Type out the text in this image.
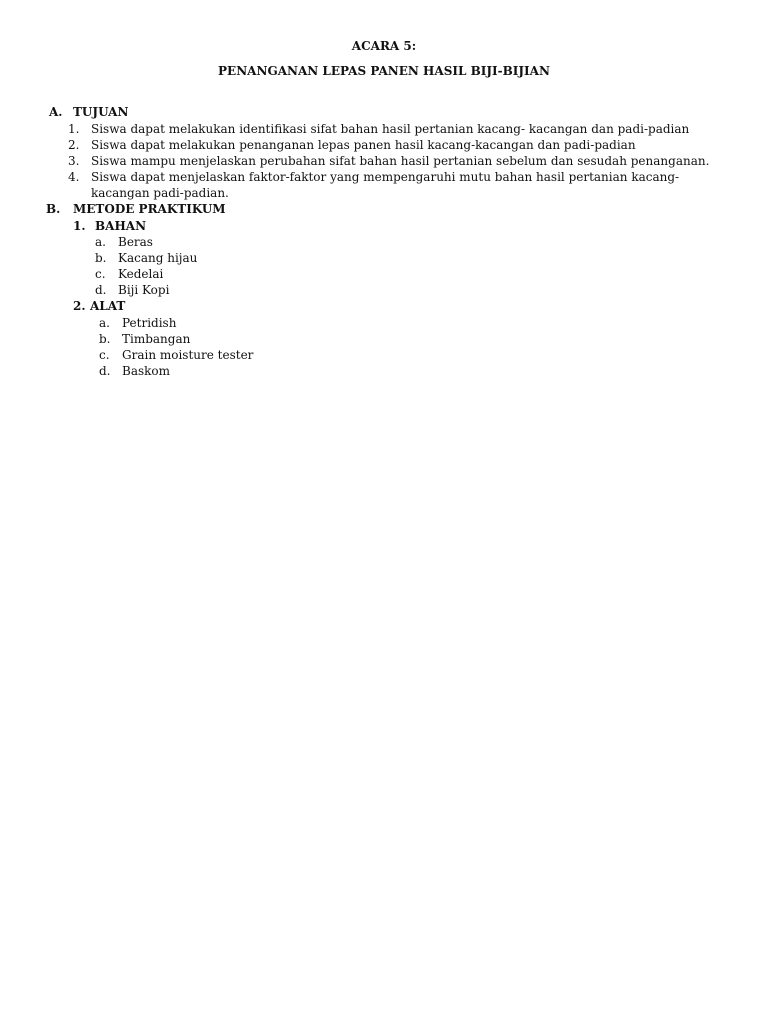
ACARA 5:
PENANGANAN LEPAS PANEN HASIL BIJI-BIJIAN
A. TUJUAN
1. Siswa dapat melakukan identifikasi sifat bahan hasil pertanian kacang- kacangan dan padi-padian
2. Siswa dapat melakukan penanganan lepas panen hasil kacang-kacangan dan padi-padian
3. Siswa mampu menjelaskan perubahan sifat bahan hasil pertanian sebelum dan sesudah penanganan.
4. Siswa dapat menjelaskan faktor-faktor yang mempengaruhi mutu bahan hasil pertanian kacang-kacangan padi-padian.
B. METODE PRAKTIKUM
1. BAHAN
a. Beras
b. Kacang hijau
c. Kedelai
d. Biji Kopi
2. ALAT
a. Petridish
b. Timbangan
c. Grain moisture tester
d. Baskom
